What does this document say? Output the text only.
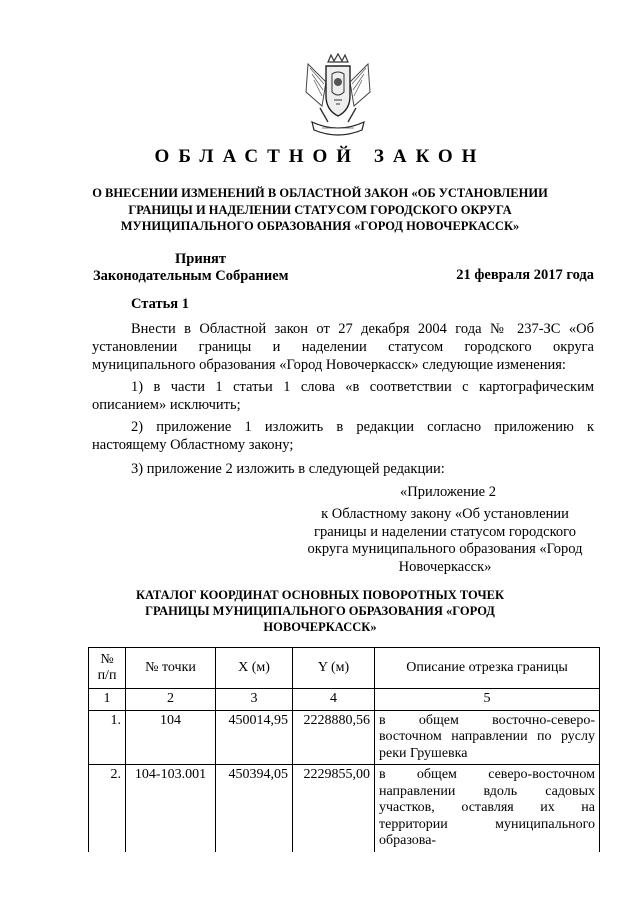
ОБЛАСТНОЙ ЗАКОН
О ВНЕСЕНИИ ИЗМЕНЕНИЙ В ОБЛАСТНОЙ ЗАКОН «ОБ УСТАНОВЛЕНИИ ГРАНИЦЫ И НАДЕЛЕНИИ СТАТУСОМ ГОРОДСКОГО ОКРУГА МУНИЦИПАЛЬНОГО ОБРАЗОВАНИЯ «ГОРОД НОВОЧЕРКАССК»
Принят
Законодательным Собранием	21 февраля 2017 года
Статья 1
Внести в Областной закон от 27 декабря 2004 года № 237-ЗС «Об установлении границы и наделении статусом городского округа муниципального образования «Город Новочеркасск» следующие изменения:
1) в части 1 статьи 1 слова «в соответствии с картографическим описанием» исключить;
2) приложение 1 изложить в редакции согласно приложению к настоящему Областному закону;
3) приложение 2 изложить в следующей редакции:
«Приложение 2
к Областному закону «Об установлении границы и наделении статусом городского округа муниципального образования «Город Новочеркасск»
КАТАЛОГ КООРДИНАТ ОСНОВНЫХ ПОВОРОТНЫХ ТОЧЕК ГРАНИЦЫ МУНИЦИПАЛЬНОГО ОБРАЗОВАНИЯ «ГОРОД НОВОЧЕРКАССК»
№
п/п	№ точки	X (м)	Y (м)	Описание отрезка границы
1	2	3	4	5
1.	104	450014,95	2228880,56	в общем восточно-северо-восточном направлении по руслу реки Грушевка
2.	104-103.001	450394,05	2229855,00	в общем северо-восточном направлении вдоль садовых участков, оставляя их на территории муниципального образова-
